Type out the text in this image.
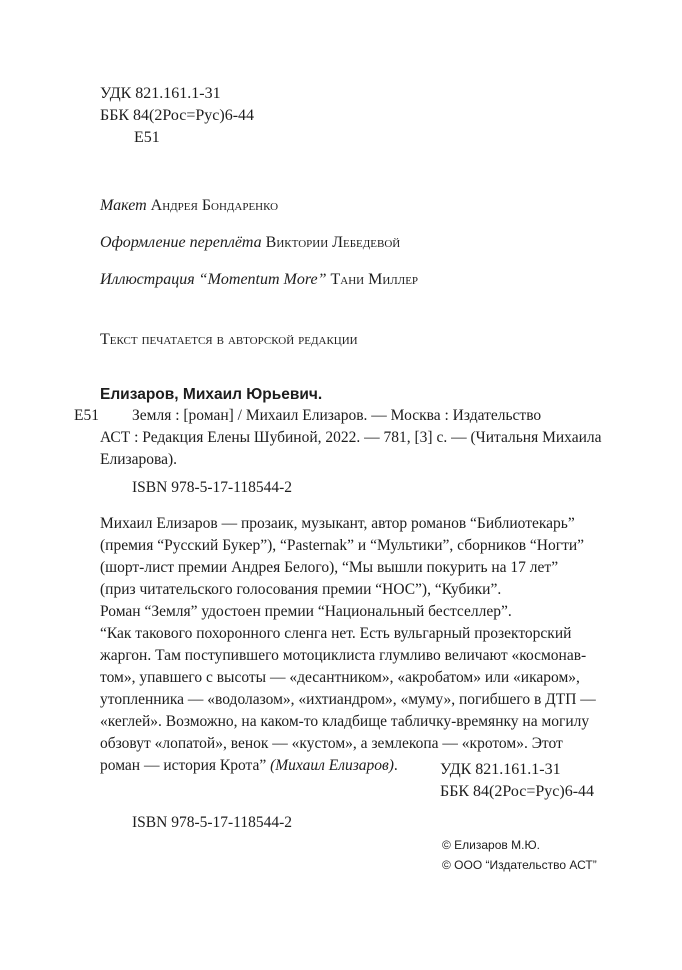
УДК 821.161.1-31
ББК 84(2Рос=Рус)6-44
Е51
Макет Андрея Бондаренко
Оформление переплёта Виктории Лебедевой
Иллюстрация “Momentum More” Тани Миллер
Текст печатается в авторской редакции
Елизаров, Михаил Юрьевич.
Е51	Земля : [роман] / Михаил Елизаров. — Москва : Издательство
АСТ : Редакция Елены Шубиной, 2022. — 781, [3] с. — (Читальня Михаила
Елизарова).
ISBN 978-5-17-118544-2
Михаил Елизаров — прозаик, музыкант, автор романов “Библиотекарь”
(премия “Русский Букер”), “Pasternak” и “Мультики”, сборников “Ногти”
(шорт-лист премии Андрея Белого), “Мы вышли покурить на 17 лет”
(приз читательского голосования премии “НОС”), “Кубики”.
Роман “Земля” удостоен премии “Национальный бестселлер”.
“Как такового похоронного сленга нет. Есть вульгарный прозекторский
жаргон. Там поступившего мотоциклиста глумливо величают «космонав-
том», упавшего с высоты — «десантником», «акробатом» или «икаром»,
утопленника — «водолазом», «ихтиандром», «муму», погибшего в ДТП —
«кеглей». Возможно, на каком-то кладбище табличку-времянку на могилу
обзовут «лопатой», венок — «кустом», а землекопа — «кротом». Этот
роман — история Крота” (Михаил Елизаров).	УДК 821.161.1-31
ББК 84(2Рос=Рус)6-44
ISBN 978-5-17-118544-2
© Елизаров М.Ю.
© ООО “Издательство АСТ”
